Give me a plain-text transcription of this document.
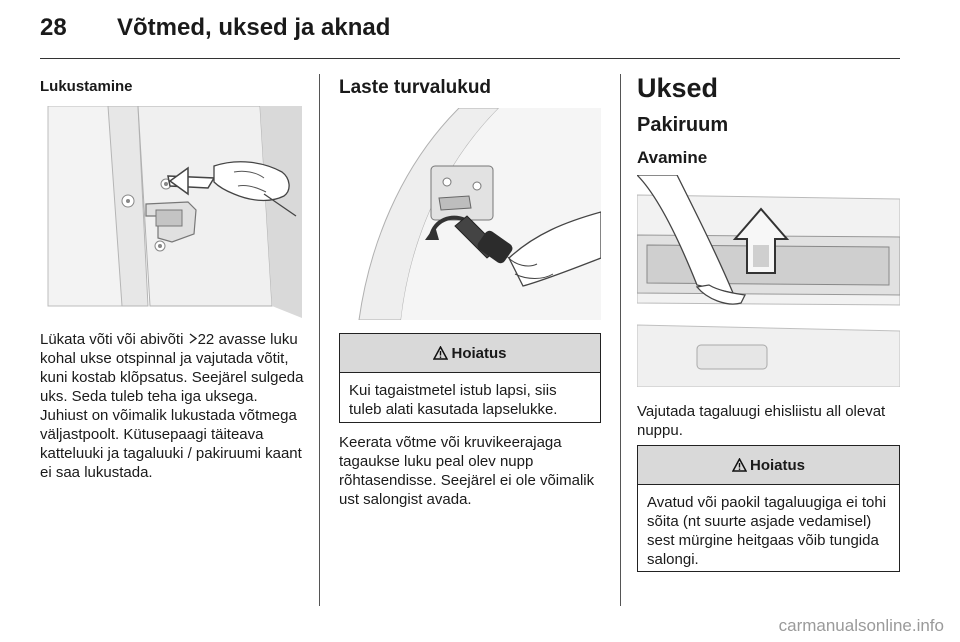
28 Võtmed, uksed ja aknad
Lukustamine

Lükata võti või abivõti 22 avasse luku kohal ukse otspinnal ja vajutada võtit, kuni kostab klõpsatus. Seejärel sulgeda uks. Seda tuleb teha iga uksega. Juhiust on võimalik lukustada võtmega väljastpoolt. Kütusepaagi täiteava katteluuki ja tagaluuki / pakiruumi kaant ei saa lukustada.

Laste turvalukud
Hoiatus
Kui tagaistmetel istub lapsi, siis tuleb alati kasutada lapselukke.

Keerata võtme või kruvikeerajaga tagaukse luku peal olev nupp rõhtasendisse. Seejärel ei ole võimalik ust salongist avada.

Uksed
Pakiruum
Avamine

Vajutada tagaluugi ehisliistu all olevat nuppu.

Hoiatus
Avatud või paokil tagaluugiga ei tohi sõita (nt suurte asjade vedamisel) sest mürgine heitgaas võib tungida salongi.
carmanualsonline.info
